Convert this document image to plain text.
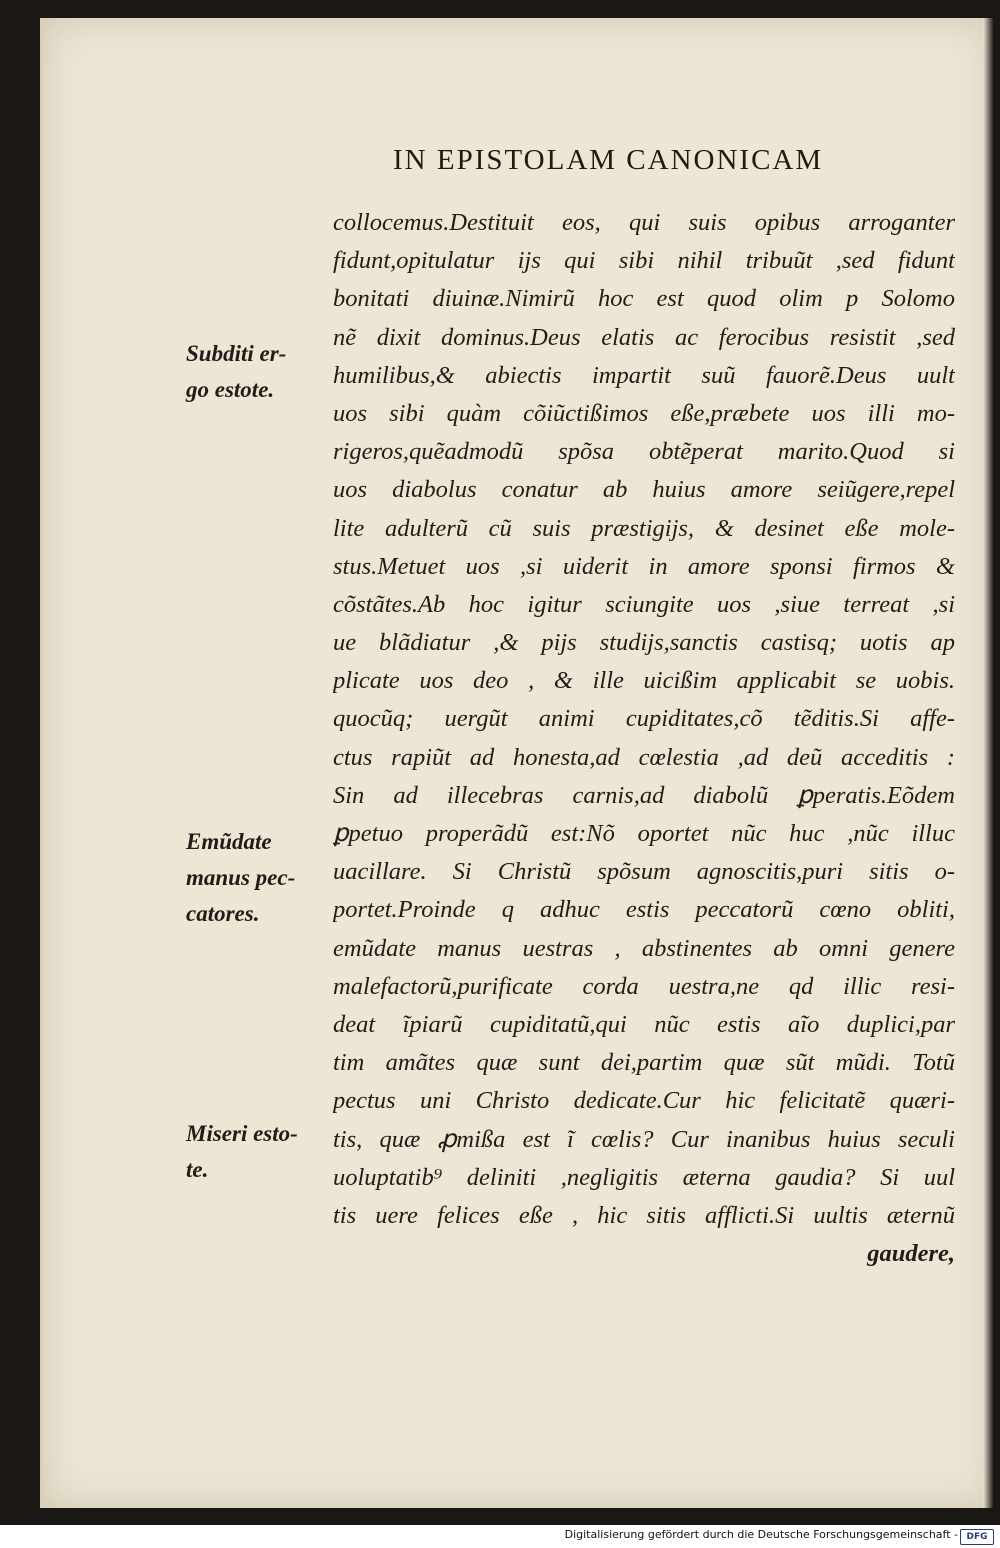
IN EPISTOLAM CANONICAM
collocemus.Destituit eos, qui suis opibus arroganter
fidunt,opitulatur ijs qui sibi nihil tribuũt ,sed fidunt
bonitati diuinæ.Nimirũ hoc est quod olim p Solomo
nẽ dixit dominus.Deus elatis ac ferocibus resistit ,sed
humilibus,& abiectis impartit suũ fauorẽ.Deus uult
uos sibi quàm cõiũctißimos eße,præbete uos illi mo-
rigeros,quẽadmodũ spõsa obtẽperat marito.Quod si
uos diabolus conatur ab huius amore seiũgere,repel
lite adulterũ cũ suis præstigijs, & desinet eße mole-
stus.Metuet uos ,si uiderit in amore sponsi firmos &
cõstãtes.Ab hoc igitur sciungite uos ,siue terreat ,si
ue blãdiatur ,& pijs studijs,sanctis castisq; uotis ap
plicate uos deo , & ille uicißim applicabit se uobis.
quocũq; uergũt animi cupiditates,cõ tẽditis.Si affe-
ctus rapiũt ad honesta,ad cœlestia ,ad deũ acceditis :
Sin ad illecebras carnis,ad diabolũ ꝑperatis.Eõdem
ꝑpetuo properãdũ est:Nõ oportet nũc huc ,nũc illuc
uacillare. Si Christũ spõsum agnoscitis,puri sitis o-
portet.Proinde q adhuc estis peccatorũ cœno obliti,
emũdate manus uestras , abstinentes ab omni genere
malefactorũ,purificate corda uestra,ne qd illic resi-
deat ĩpiarũ cupiditatũ,qui nũc estis aĩo duplici,par
tim amãtes quæ sunt dei,partim quæ sũt mũdi. Totũ
pectus uni Christo dedicate.Cur hic felicitatẽ quæri-
tis, quæ ꝓmißa est ĩ cœlis? Cur inanibus huius seculi
uoluptatib⁹ deliniti ,negligitis æterna gaudia? Si uul
tis uere felices eße , hic sitis afflicti.Si uultis æternũ
gaudere,
Subditi er-
go estote.
Emũdate
manus pec-
catores.
Miseri esto-
te.
Digitalisierung gefördert durch die Deutsche Forschungsgemeinschaft - DFG
